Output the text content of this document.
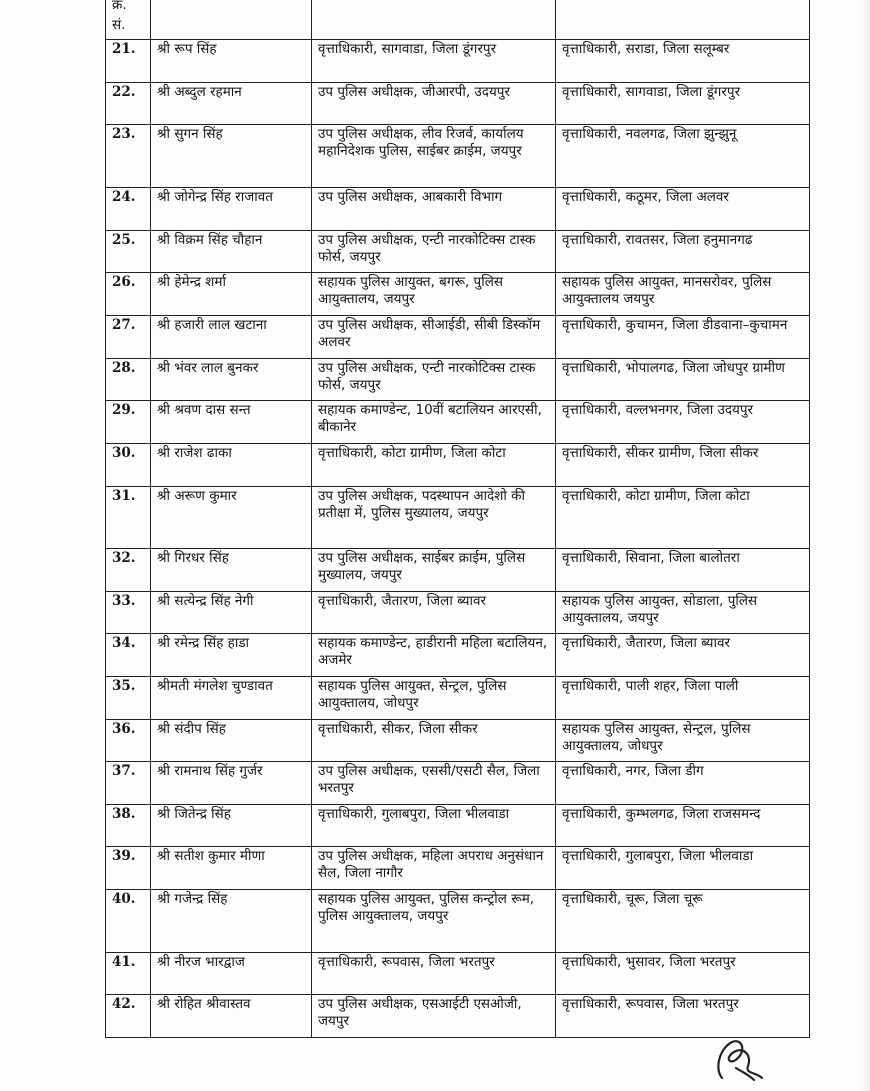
क्र.
सं.

21.	श्री रूप सिंह	वृत्ताधिकारी, सागवाडा, जिला डूंगरपुर	वृत्ताधिकारी, सराडा, जिला सलूम्बर
22.	श्री अब्दुल रहमान	उप पुलिस अधीक्षक, जीआरपी, उदयपुर	वृत्ताधिकारी, सागवाडा, जिला डूंगरपुर
23.	श्री सुगन सिंह	उप पुलिस अधीक्षक, लीव रिजर्व, कार्यालय महानिदेशक पुलिस, साईबर क्राईम, जयपुर	वृत्ताधिकारी, नवलगढ, जिला झुन्झुनू
24.	श्री जोगेन्द्र सिंह राजावत	उप पुलिस अधीक्षक, आबकारी विभाग	वृत्ताधिकारी, कठूमर, जिला अलवर
25.	श्री विक्रम सिंह चौहान	उप पुलिस अधीक्षक, एन्टी नारकोटिक्स टास्क फोर्स, जयपुर	वृत्ताधिकारी, रावतसर, जिला हनुमानगढ
26.	श्री हेमेन्द्र शर्मा	सहायक पुलिस आयुक्त, बगरू, पुलिस आयुक्तालय, जयपुर	सहायक पुलिस आयुक्त, मानसरोवर, पुलिस आयुक्तालय जयपुर
27.	श्री हजारी लाल खटाना	उप पुलिस अधीक्षक, सीआईडी, सीबी डिस्कॉम अलवर	वृत्ताधिकारी, कुचामन, जिला डीडवाना–कुचामन
28.	श्री भंवर लाल बुनकर	उप पुलिस अधीक्षक, एन्टी नारकोटिक्स टास्क फोर्स, जयपुर	वृत्ताधिकारी, भोपालगढ, जिला जोधपुर ग्रामीण
29.	श्री श्रवण दास सन्त	सहायक कमाण्डेन्ट, 10वीं बटालियन आरएसी, बीकानेर	वृत्ताधिकारी, वल्लभनगर, जिला उदयपुर
30.	श्री राजेश ढाका	वृत्ताधिकारी, कोटा ग्रामीण, जिला कोटा	वृत्ताधिकारी, सीकर ग्रामीण, जिला सीकर
31.	श्री अरूण कुमार	उप पुलिस अधीक्षक, पदस्थापन आदेशो की प्रतीक्षा में, पुलिस मुख्यालय, जयपुर	वृत्ताधिकारी, कोटा ग्रामीण, जिला कोटा
32.	श्री गिरधर सिंह	उप पुलिस अधीक्षक, साईबर क्राईम, पुलिस मुख्यालय, जयपुर	वृत्ताधिकारी, सिवाना, जिला बालोतरा
33.	श्री सत्येन्द्र सिंह नेगी	वृत्ताधिकारी, जैतारण, जिला ब्यावर	सहायक पुलिस आयुक्त, सोडाला, पुलिस आयुक्तालय, जयपुर
34.	श्री रमेन्द्र सिंह हाडा	सहायक कमाण्डेन्ट, हाडीरानी महिला बटालियन, अजमेर	वृत्ताधिकारी, जैतारण, जिला ब्यावर
35.	श्रीमती मंगलेश चुण्डावत	सहायक पुलिस आयुक्त, सेन्ट्रल, पुलिस आयुक्तालय, जोधपुर	वृत्ताधिकारी, पाली शहर, जिला पाली
36.	श्री संदीप सिंह	वृत्ताधिकारी, सीकर, जिला सीकर	सहायक पुलिस आयुक्त, सेन्ट्रल, पुलिस आयुक्तालय, जोधपुर
37.	श्री रामनाथ सिंह गुर्जर	उप पुलिस अधीक्षक, एससी/एसटी सैल, जिला भरतपुर	वृत्ताधिकारी, नगर, जिला डीग
38.	श्री जितेन्द्र सिंह	वृत्ताधिकारी, गुलाबपुरा, जिला भीलवाडा	वृत्ताधिकारी, कुम्भलगढ, जिला राजसमन्द
39.	श्री सतीश कुमार मीणा	उप पुलिस अधीक्षक, महिला अपराध अनुसंधान सैल, जिला नागौर	वृत्ताधिकारी, गुलाबपुरा, जिला भीलवाडा
40.	श्री गजेन्द्र सिंह	सहायक पुलिस आयुक्त, पुलिस कन्ट्रोल रूम, पुलिस आयुक्तालय, जयपुर	वृत्ताधिकारी, चूरू, जिला चूरू
41.	श्री नीरज भारद्वाज	वृत्ताधिकारी, रूपवास, जिला भरतपुर	वृत्ताधिकारी, भुसावर, जिला भरतपुर
42.	श्री रोहित श्रीवास्तव	उप पुलिस अधीक्षक, एसआईटी एसओजी, जयपुर	वृत्ताधिकारी, रूपवास, जिला भरतपुर
